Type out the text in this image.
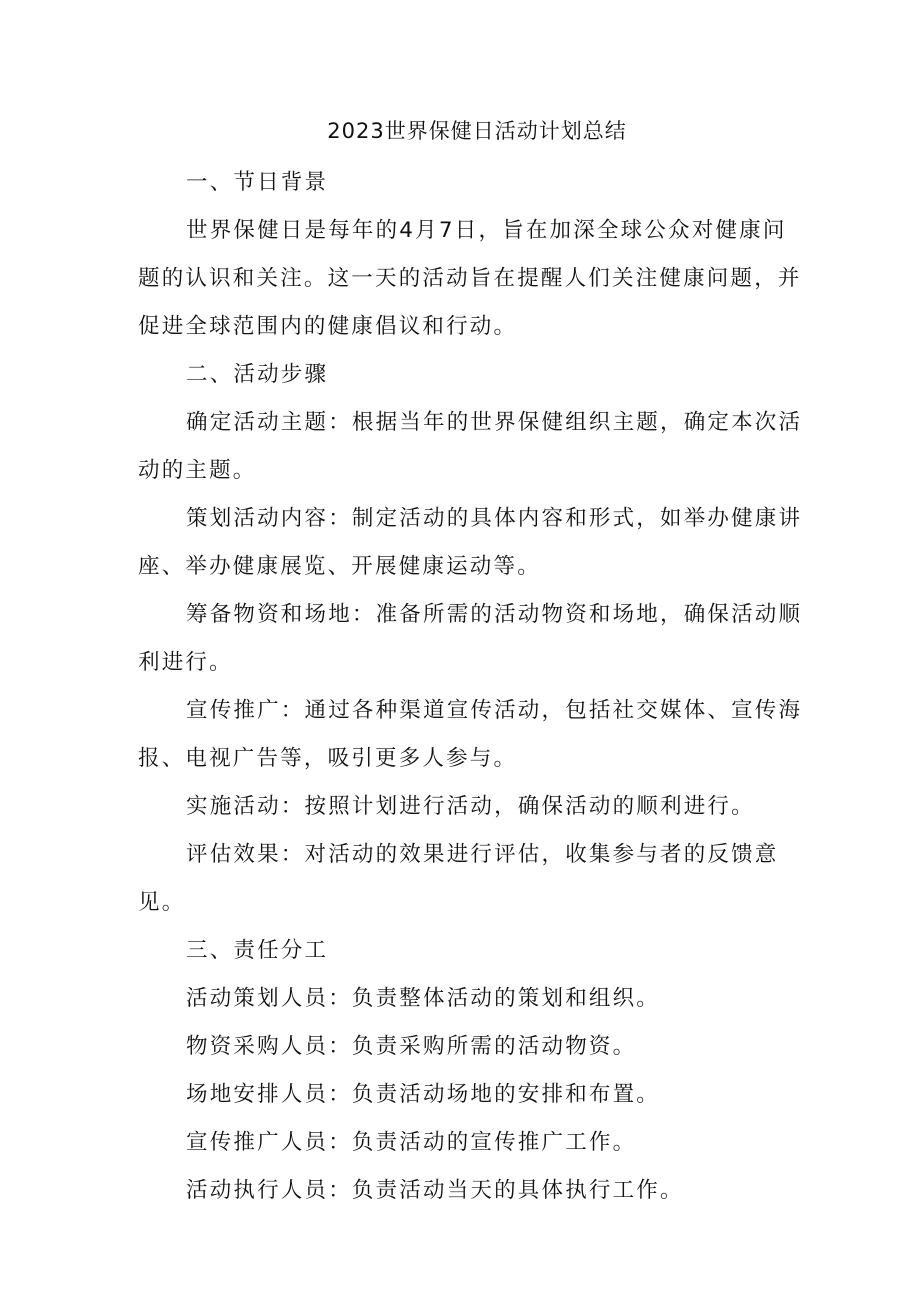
2023世界保健日活动计划总结

一、节日背景

世界保健日是每年的4月7日，旨在加深全球公众对健康问题的认识和关注。这一天的活动旨在提醒人们关注健康问题，并促进全球范围内的健康倡议和行动。

二、活动步骤

确定活动主题：根据当年的世界保健组织主题，确定本次活动的主题。

策划活动内容：制定活动的具体内容和形式，如举办健康讲座、举办健康展览、开展健康运动等。

筹备物资和场地：准备所需的活动物资和场地，确保活动顺利进行。

宣传推广：通过各种渠道宣传活动，包括社交媒体、宣传海报、电视广告等，吸引更多人参与。

实施活动：按照计划进行活动，确保活动的顺利进行。

评估效果：对活动的效果进行评估，收集参与者的反馈意见。

三、责任分工

活动策划人员：负责整体活动的策划和组织。

物资采购人员：负责采购所需的活动物资。

场地安排人员：负责活动场地的安排和布置。

宣传推广人员：负责活动的宣传推广工作。

活动执行人员：负责活动当天的具体执行工作。
